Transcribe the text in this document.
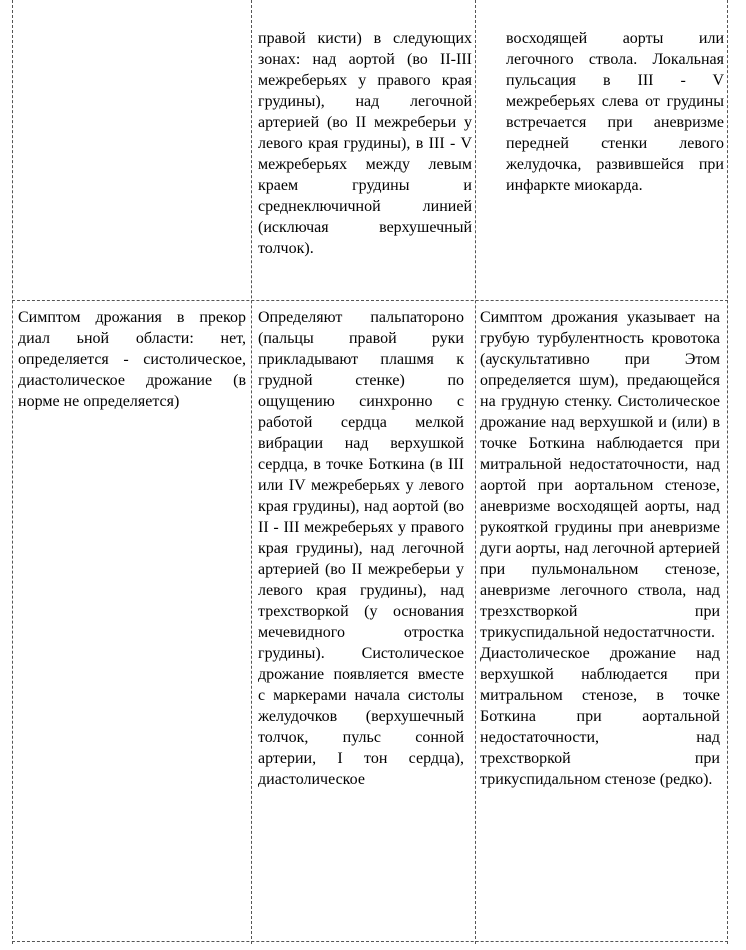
правой кисти) в следующих зонах: над аортой (во II-III межреберьях у правого края грудины), над легочной артерией (во II межреберьи у левого края грудины), в III - V межреберьях между левым краем грудины и среднеключичной линией (исключая верхушечный толчок).

восходящей аорты или легочного ствола. Локальная пульсация в III - V межреберьях слева от грудины встречается при аневризме передней стенки левого желудочка, развившейся при инфаркте миокарда.

Симптом дрожания в прекор диал ьной области: нет, определяется - систолическое, диастолическое дрожание (в норме не определяется)

Определяют пальпатороно (пальцы правой руки прикладывают плашмя к грудной стенке) по ощущению синхронно с работой сердца мелкой вибрации над верхушкой сердца, в точке Боткина (в III или IV межреберьях у левого края грудины), над аортой (во II - III межреберьях у правого края грудины), над легочной артерией (во II межреберьи у левого края грудины), над трехстворкой (у основания мечевидного отростка грудины). Систолическое дрожание появляется вместе с маркерами начала систолы желудочков (верхушечный толчок, пульс сонной артерии, I тон сердца), диастолическое

Симптом дрожания указывает на грубую турбулентность кровотока (аускультативно при Этом определяется шум), предающейся на грудную стенку. Систолическое дрожание над верхушкой и (или) в точке Боткина наблюдается при митральной недостаточности, над аортой при аортальном стенозе, аневризме восходящей аорты, над рукояткой грудины при аневризме дуги аорты, над легочной артерией при пульмональном стенозе, аневризме легочного ствола, над трезхстворкой при трикуспидальной недостатчности.

Диастолическое дрожание над верхушкой наблюдается при митральном стенозе, в точке Боткина при аортальной недостаточности, над трехстворкой при трикуспидальном стенозе (редко).
